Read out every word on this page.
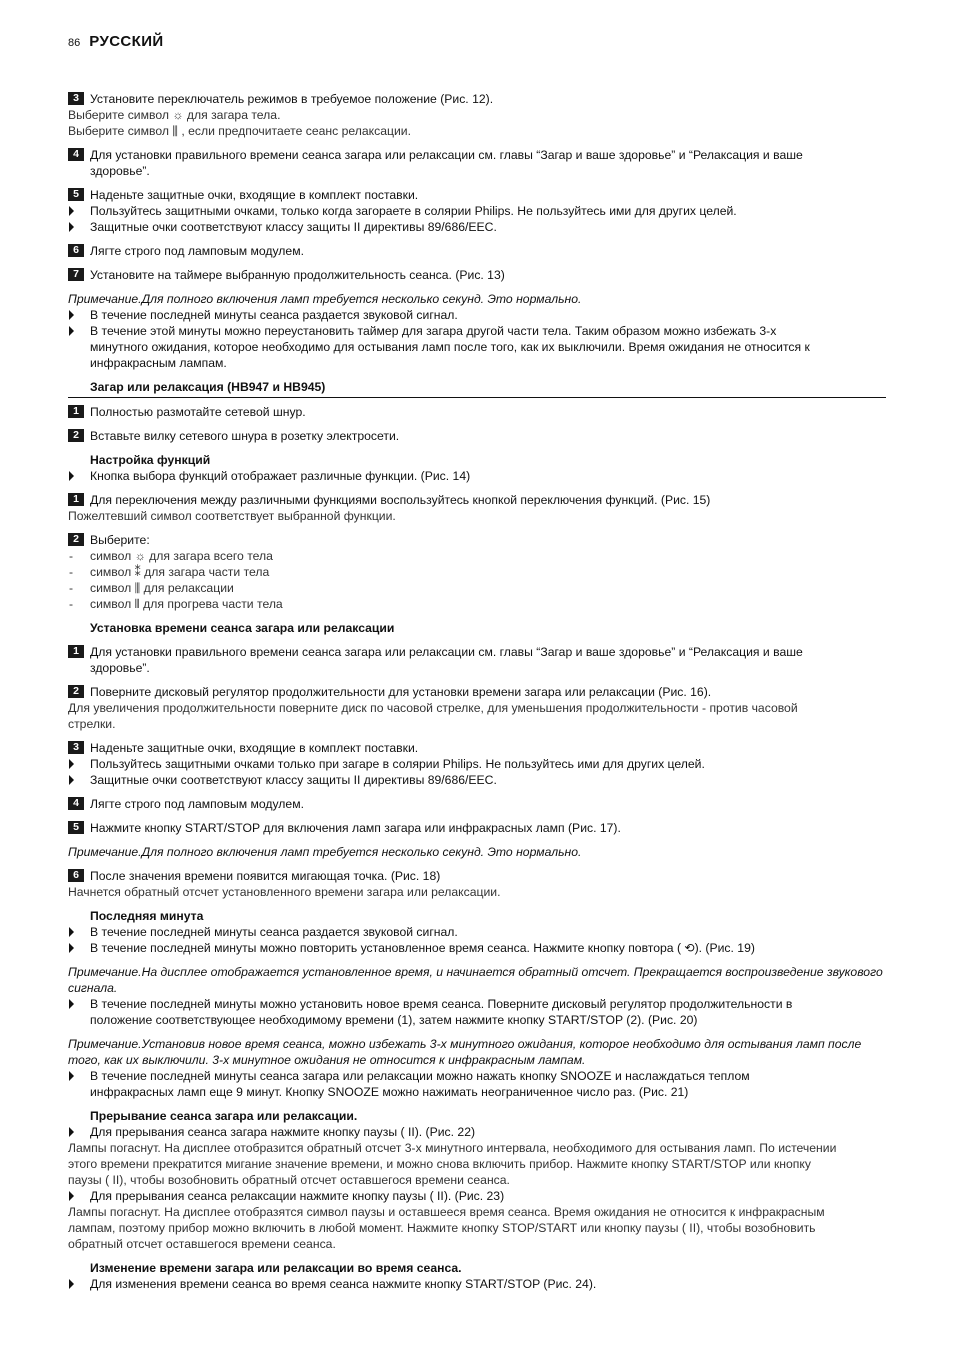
86 РУССКИЙ
3 Установите переключатель режимов в требуемое положение (Рис. 12).
Выберите символ ☼ для загара тела.
Выберите символ ⫼ , если предпочитаете сеанс релаксации.
4 Для установки правильного времени сеанса загара или релаксации см. главы “Загар и ваше здоровье” и “Релаксация и ваше
здоровье”.
5 Наденьте защитные очки, входящие в комплект поставки.
Пользуйтесь защитными очками, только когда загораете в солярии Philips. Не пользуйтесь ими для других целей.
Защитные очки соответствуют классу защиты II директивы 89/686/EEC.
6 Лягте строго под ламповым модулем.
7 Установите на таймере выбранную продолжительность сеанса. (Рис. 13)
Примечание.Для полного включения ламп требуется несколько секунд. Это нормально.
В течение последней минуты сеанса раздается звуковой сигнал.
В течение этой минуты можно переустановить таймер для загара другой части тела. Таким образом можно избежать 3-х
минутного ожидания, которое необходимо для остывания ламп после того, как их выключили. Время ожидания не относится к
инфракрасным лампам.
Загар или релаксация (HB947 и HB945)
1 Полностью размотайте сетевой шнур.
2 Вставьте вилку сетевого шнура в розетку электросети.
Настройка функций
Кнопка выбора функций отображает различные функции. (Рис. 14)
1 Для переключения между различными функциями воспользуйтесь кнопкой переключения функций. (Рис. 15)
Пожелтевший символ соответствует выбранной функции.
2 Выберите:
- символ ☼ для загара всего тела
- символ ⁑ для загара части тела
- символ ⫼ для релаксации
- символ ⫴ для прогрева части тела
Установка времени сеанса загара или релаксации
1 Для установки правильного времени сеанса загара или релаксации см. главы “Загар и ваше здоровье” и “Релаксация и ваше
здоровье”.
2 Поверните дисковый регулятор продолжительности для установки времени загара или релаксации (Рис. 16).
Для увеличения продолжительности поверните диск по часовой стрелке, для уменьшения продолжительности - против часовой
стрелки.
3 Наденьте защитные очки, входящие в комплект поставки.
Пользуйтесь защитными очками только при загаре в солярии Philips. Не пользуйтесь ими для других целей.
Защитные очки соответствуют классу защиты II директивы 89/686/EEC.
4 Лягте строго под ламповым модулем.
5 Нажмите кнопку START/STOP для включения ламп загара или инфракрасных ламп (Рис. 17).
Примечание.Для полного включения ламп требуется несколько секунд. Это нормально.
6 После значения времени появится мигающая точка. (Рис. 18)
Начнется обратный отсчет установленного времени загара или релаксации.
Последняя минута
В течение последней минуты сеанса раздается звуковой сигнал.
В течение последней минуты можно повторить установленное время сеанса. Нажмите кнопку повтора ( ⟲). (Рис. 19)
Примечание.На дисплее отображается установленное время, и начинается обратный отсчет. Прекращается воспроизведение звукового
сигнала.
В течение последней минуты можно установить новое время сеанса. Поверните дисковый регулятор продолжительности в
положение соответствующее необходимому времени (1), затем нажмите кнопку START/STOP (2). (Рис. 20)
Примечание.Установив новое время сеанса, можно избежать 3-х минутного ожидания, которое необходимо для остывания ламп после
того, как их выключили. 3-х минутное ожидания не относится к инфракрасным лампам.
В течение последней минуты сеанса загара или релаксации можно нажать кнопку SNOOZE и наслаждаться теплом
инфракрасных ламп еще 9 минут. Кнопку SNOOZE можно нажимать неограниченное число раз. (Рис. 21)
Прерывание сеанса загара или релаксации.
Для прерывания сеанса загара нажмите кнопку паузы ( II). (Рис. 22)
Лампы погаснут. На дисплее отобразится обратный отсчет 3-х минутного интервала, необходимого для остывания ламп. По истечении
этого времени прекратится мигание значение времени, и можно снова включить прибор. Нажмите кнопку START/STOP или кнопку
паузы ( II), чтобы возобновить обратный отсчет оставшегося времени сеанса.
Для прерывания сеанса релаксации нажмите кнопку паузы ( II). (Рис. 23)
Лампы погаснут. На дисплее отобразятся символ паузы и оставшееся время сеанса. Время ожидания не относится к инфракрасным
лампам, поэтому прибор можно включить в любой момент. Нажмите кнопку STOP/START или кнопку паузы ( II), чтобы возобновить
обратный отсчет оставшегося времени сеанса.
Изменение времени загара или релаксации во время сеанса.
Для изменения времени сеанса во время сеанса нажмите кнопку START/STOP (Рис. 24).
